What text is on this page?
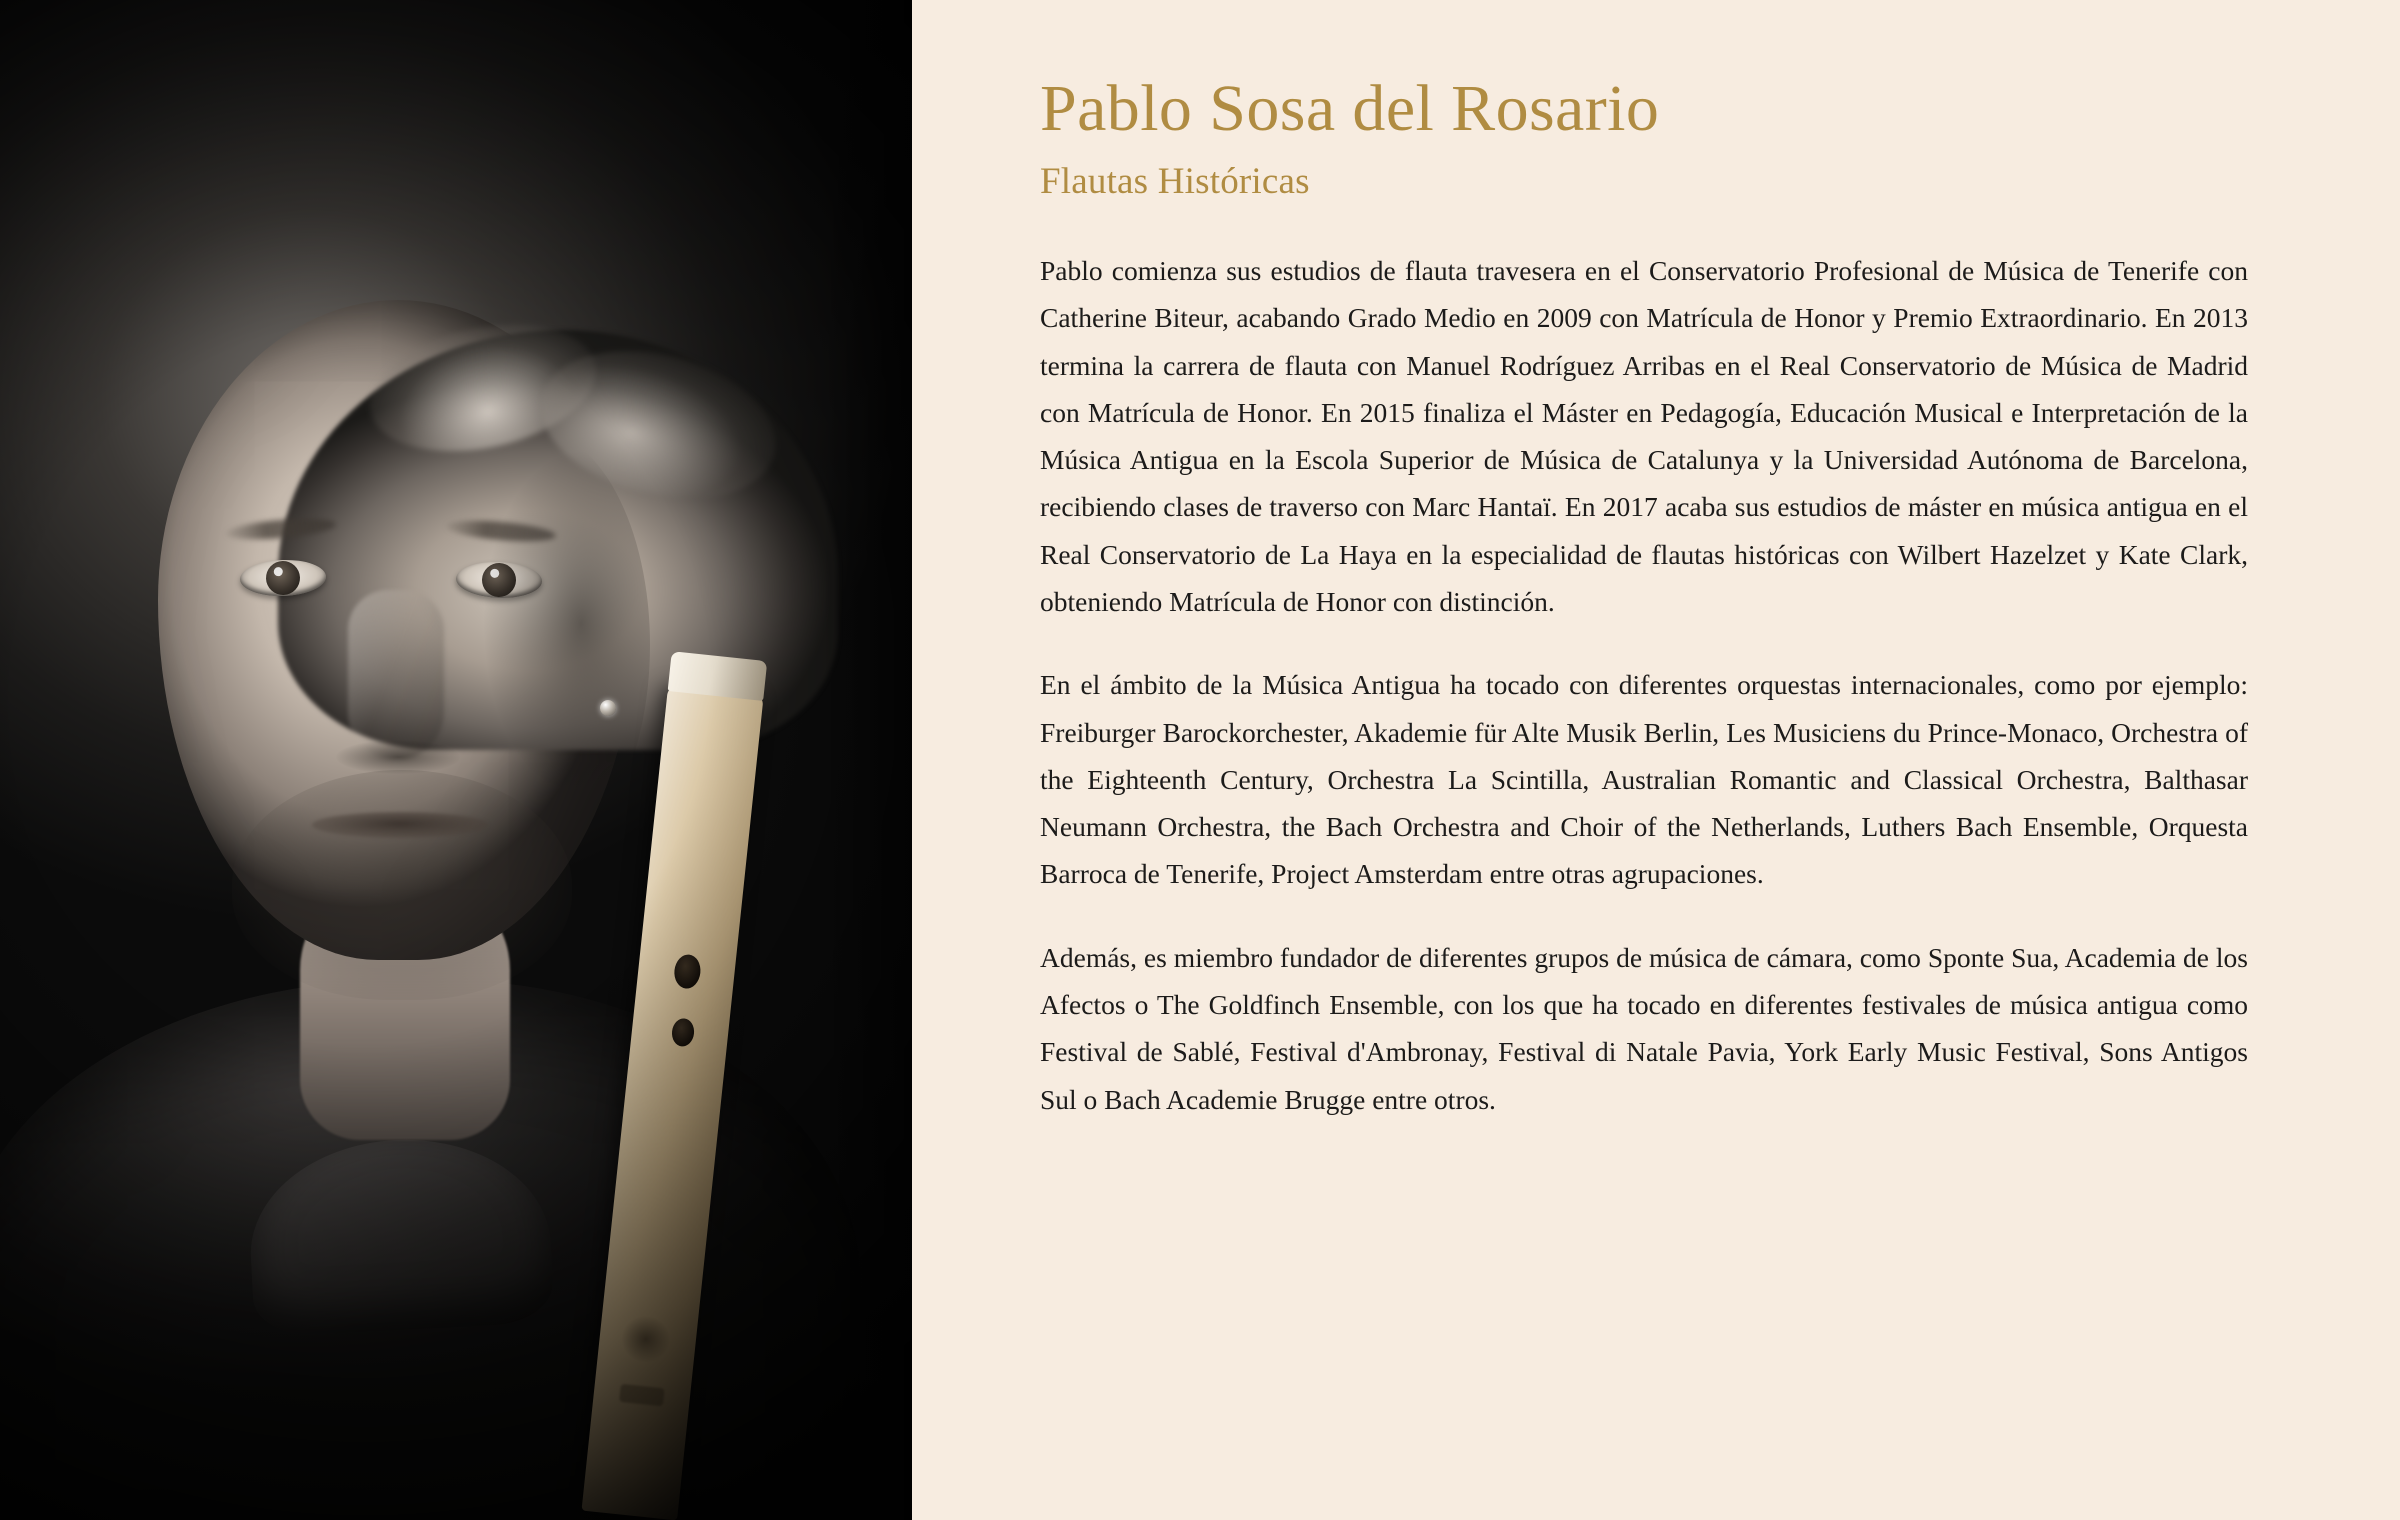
Pablo Sosa del Rosario
Flautas Históricas

Pablo comienza sus estudios de flauta travesera en el Conservatorio Profesional de Música de Tenerife con Catherine Biteur, acabando Grado Medio en 2009 con Matrícula de Honor y Premio Extraordinario. En 2013 termina la carrera de flauta con Manuel Rodríguez Arribas en el Real Conservatorio de Música de Madrid con Matrícula de Honor. En 2015 finaliza el Máster en Pedagogía, Educación Musical e Interpretación de la Música Antigua en la Escola Superior de Música de Catalunya y la Universidad Autónoma de Barcelona, recibiendo clases de traverso con Marc Hantaï. En 2017 acaba sus estudios de máster en música antigua en el Real Conservatorio de La Haya en la especialidad de flautas históricas con Wilbert Hazelzet y Kate Clark, obteniendo Matrícula de Honor con distinción.

En el ámbito de la Música Antigua ha tocado con diferentes orquestas internacionales, como por ejemplo: Freiburger Barockorchester, Akademie für Alte Musik Berlin, Les Musiciens du Prince-Monaco, Orchestra of the Eighteenth Century, Orchestra La Scintilla, Australian Romantic and Classical Orchestra, Balthasar Neumann Orchestra, the Bach Orchestra and Choir of the Netherlands, Luthers Bach Ensemble, Orquesta Barroca de Tenerife, Project Amsterdam entre otras agrupaciones.

Además, es miembro fundador de diferentes grupos de música de cámara, como Sponte Sua, Academia de los Afectos o The Goldfinch Ensemble, con los que ha tocado en diferentes festivales de música antigua como Festival de Sablé, Festival d'Ambronay, Festival di Natale Pavia, York Early Music Festival, Sons Antigos Sul o Bach Academie Brugge entre otros.
